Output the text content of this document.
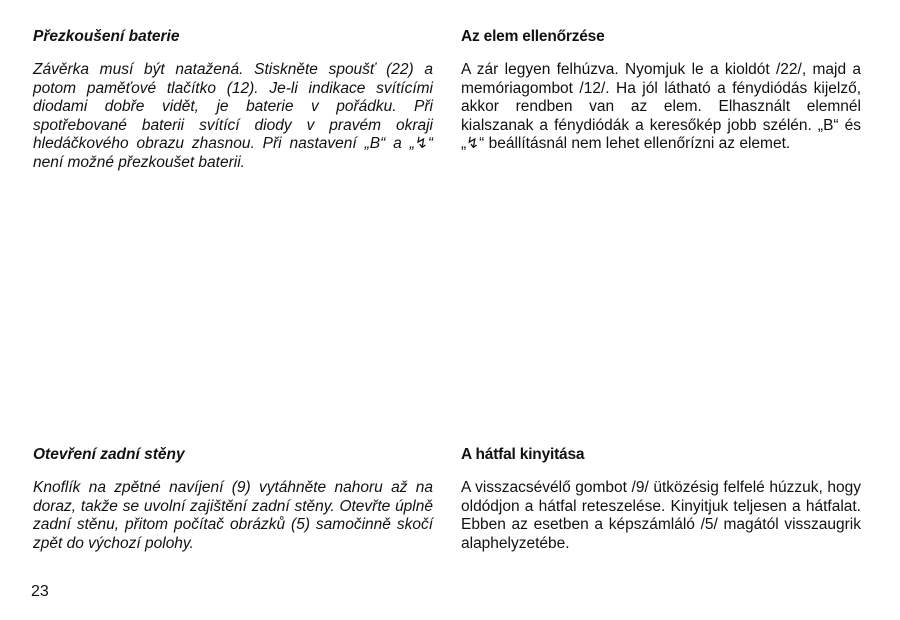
Přezkoušení baterie

Závěrka musí být natažená. Stiskněte spoušť (22) a potom paměťové tlačítko (12). Je-li indikace svítícími diodami dobře vidět, je baterie v pořádku. Při spotřebované baterii svítící diody v pravém okraji hledáčkového obrazu zhasnou. Při nastavení „B“ a „↯“ není možné přezkoušet baterii.

Az elem ellenőrzése

A zár legyen felhúzva. Nyomjuk le a kioldót /22/, majd a memóriagombot /12/. Ha jól látható a fénydiódás kijelző, akkor rendben van az elem. Elhasznált elemnél kialszanak a fénydiódák a keresőkép jobb szélén. „B“ és „↯“ beállításnál nem lehet ellenőrízni az elemet.

Otevření zadní stěny

Knoflík na zpětné navíjení (9) vytáhněte nahoru až na doraz, takže se uvolní zajištění zadní stěny. Otevřte úplně zadní stěnu, přitom počítač obrázků (5) samočinně skočí zpět do výchozí polohy.

A hátfal kinyitása

A visszacsévélő gombot /9/ ütközésig felfelé húzzuk, hogy oldódjon a hátfal reteszelése. Kinyitjuk teljesen a hátfalat. Ebben az esetben a képszámláló /5/ magától visszaugrik alaphelyzetébe.

23
